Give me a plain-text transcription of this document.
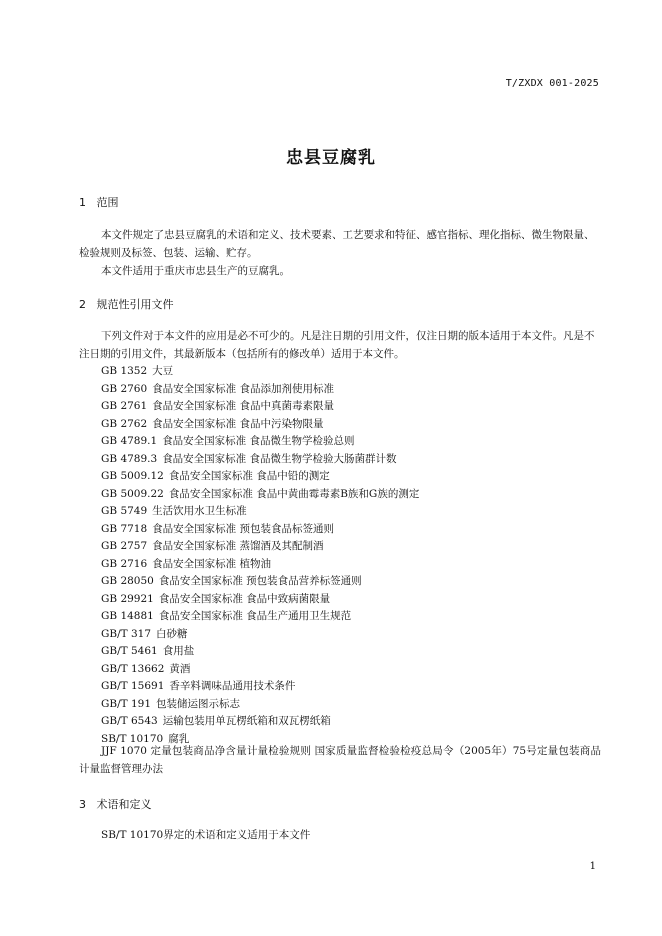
T/ZXDX 001-2025
忠县豆腐乳
1 范围
本文件规定了忠县豆腐乳的术语和定义、技术要素、工艺要求和特征、感官指标、理化指标、微生物限量、检验规则及标签、包装、运输、贮存。
本文件适用于重庆市忠县生产的豆腐乳。
2 规范性引用文件
下列文件对于本文件的应用是必不可少的。凡是注日期的引用文件，仅注日期的版本适用于本文件。凡是不注日期的引用文件，其最新版本（包括所有的修改单）适用于本文件。
GB 1352 大豆
GB 2760 食品安全国家标准 食品添加剂使用标准
GB 2761 食品安全国家标准 食品中真菌毒素限量
GB 2762 食品安全国家标准 食品中污染物限量
GB 4789.1 食品安全国家标准 食品微生物学检验总则
GB 4789.3 食品安全国家标准 食品微生物学检验大肠菌群计数
GB 5009.12 食品安全国家标准 食品中铅的测定
GB 5009.22 食品安全国家标准 食品中黄曲霉毒素B族和G族的测定
GB 5749 生活饮用水卫生标准
GB 7718 食品安全国家标准 预包装食品标签通则
GB 2757 食品安全国家标准 蒸馏酒及其配制酒
GB 2716 食品安全国家标准 植物油
GB 28050 食品安全国家标准 预包装食品营养标签通则
GB 29921 食品安全国家标准 食品中致病菌限量
GB 14881 食品安全国家标准 食品生产通用卫生规范
GB/T 317 白砂糖
GB/T 5461 食用盐
GB/T 13662 黄酒
GB/T 15691 香辛料调味品通用技术条件
GB/T 191 包装储运图示标志
GB/T 6543 运输包装用单瓦楞纸箱和双瓦楞纸箱
SB/T 10170 腐乳
JJF 1070 定量包装商品净含量计量检验规则 国家质量监督检验检疫总局令（2005年）75号定量包装商品计量监督管理办法
3 术语和定义
SB/T 10170界定的术语和定义适用于本文件
1
